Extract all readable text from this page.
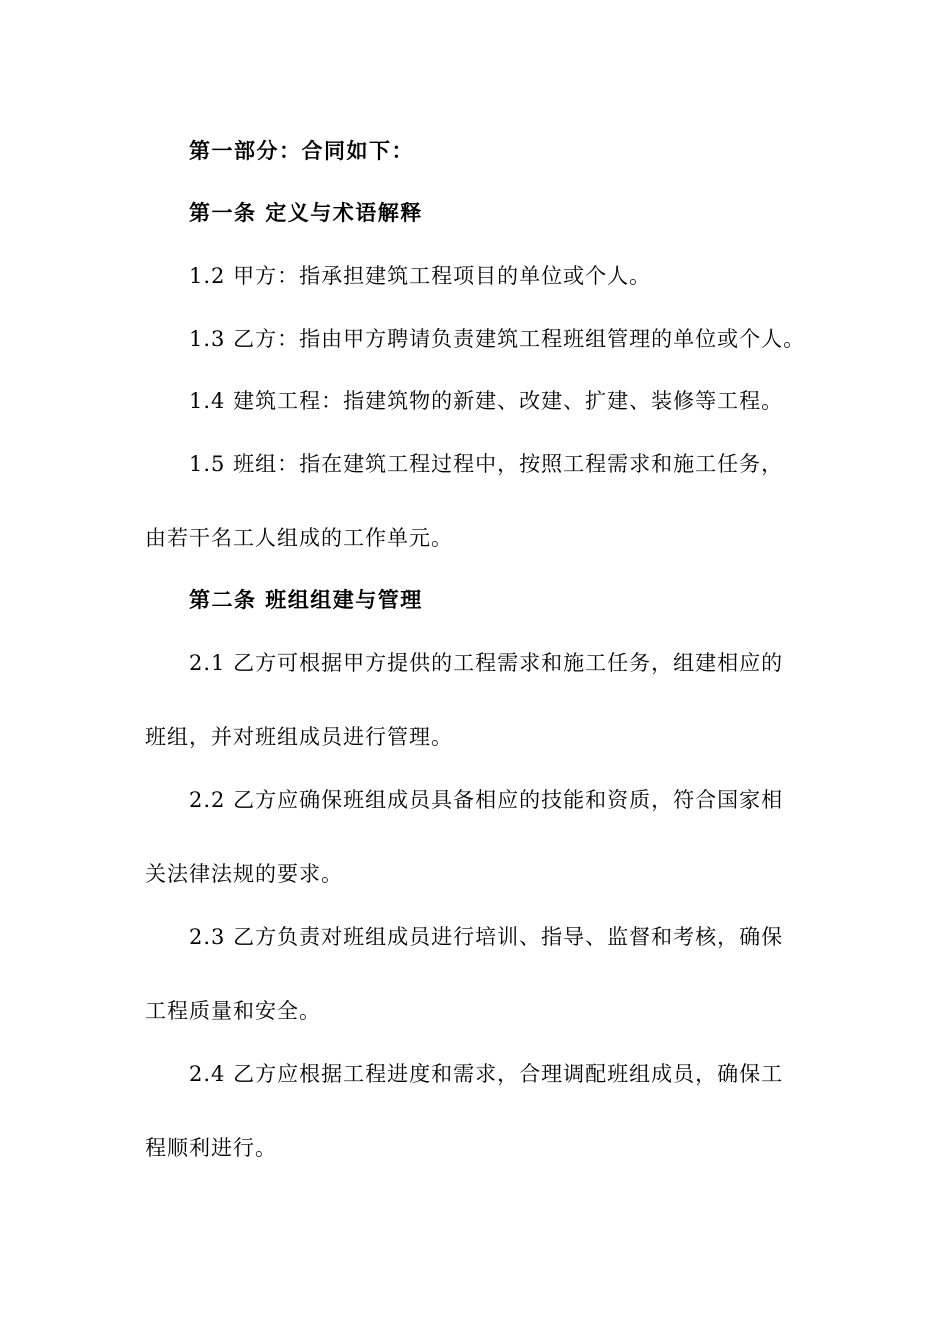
第一部分：合同如下：
第一条 定义与术语解释
1.2 甲方：指承担建筑工程项目的单位或个人。
1.3 乙方：指由甲方聘请负责建筑工程班组管理的单位或个人。
1.4 建筑工程：指建筑物的新建、改建、扩建、装修等工程。
1.5 班组：指在建筑工程过程中，按照工程需求和施工任务，
由若干名工人组成的工作单元。
第二条 班组组建与管理
2.1 乙方可根据甲方提供的工程需求和施工任务，组建相应的
班组，并对班组成员进行管理。
2.2 乙方应确保班组成员具备相应的技能和资质，符合国家相
关法律法规的要求。
2.3 乙方负责对班组成员进行培训、指导、监督和考核，确保
工程质量和安全。
2.4 乙方应根据工程进度和需求，合理调配班组成员，确保工
程顺利进行。
